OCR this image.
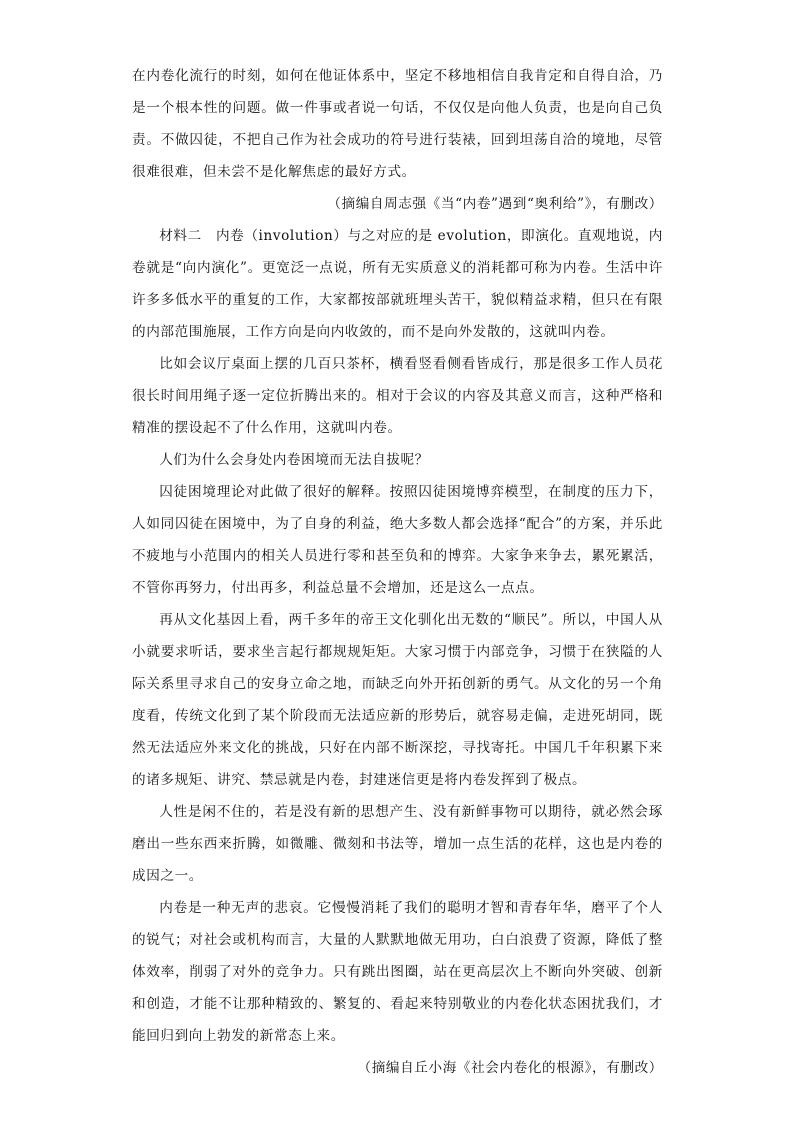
在内卷化流行的时刻，如何在他证体系中，坚定不移地相信自我肯定和自得自洽，乃是一个根本性的问题。做一件事或者说一句话，不仅仅是向他人负责，也是向自己负责。不做囚徒，不把自己作为社会成功的符号进行装裱，回到坦荡自洽的境地，尽管很难很难，但未尝不是化解焦虑的最好方式。

（摘编自周志强《当“内卷”遇到“奥利给”》，有删改）

材料二　内卷（involution）与之对应的是 evolution，即演化。直观地说，内卷就是“向内演化”。更宽泛一点说，所有无实质意义的消耗都可称为内卷。生活中许许多多低水平的重复的工作，大家都按部就班埋头苦干，貌似精益求精，但只在有限的内部范围施展，工作方向是向内收敛的，而不是向外发散的，这就叫内卷。

比如会议厅桌面上摆的几百只茶杯，横看竖看侧看皆成行，那是很多工作人员花很长时间用绳子逐一定位折腾出来的。相对于会议的内容及其意义而言，这种严格和精准的摆设起不了什么作用，这就叫内卷。

人们为什么会身处内卷困境而无法自拔呢？

囚徒困境理论对此做了很好的解释。按照囚徒困境博弈模型，在制度的压力下，人如同囚徒在困境中，为了自身的利益，绝大多数人都会选择“配合”的方案，并乐此不疲地与小范围内的相关人员进行零和甚至负和的博弈。大家争来争去，累死累活，不管你再努力，付出再多，利益总量不会增加，还是这么一点点。

再从文化基因上看，两千多年的帝王文化驯化出无数的“顺民”。所以，中国人从小就要求听话，要求坐言起行都规规矩矩。大家习惯于内部竞争，习惯于在狭隘的人际关系里寻求自己的安身立命之地，而缺乏向外开拓创新的勇气。从文化的另一个角度看，传统文化到了某个阶段而无法适应新的形势后，就容易走偏，走进死胡同，既然无法适应外来文化的挑战，只好在内部不断深挖，寻找寄托。中国几千年积累下来的诸多规矩、讲究、禁忌就是内卷，封建迷信更是将内卷发挥到了极点。

人性是闲不住的，若是没有新的思想产生、没有新鲜事物可以期待，就必然会琢磨出一些东西来折腾，如微雕、微刻和书法等，增加一点生活的花样，这也是内卷的成因之一。

内卷是一种无声的悲哀。它慢慢消耗了我们的聪明才智和青春年华，磨平了个人的锐气；对社会或机构而言，大量的人默默地做无用功，白白浪费了资源，降低了整体效率，削弱了对外的竞争力。只有跳出图圈，站在更高层次上不断向外突破、创新和创造，才能不让那种精致的、繁复的、看起来特别敬业的内卷化状态困扰我们，才能回归到向上勃发的新常态上来。

（摘编自丘小海《社会内卷化的根源》，有删改）
